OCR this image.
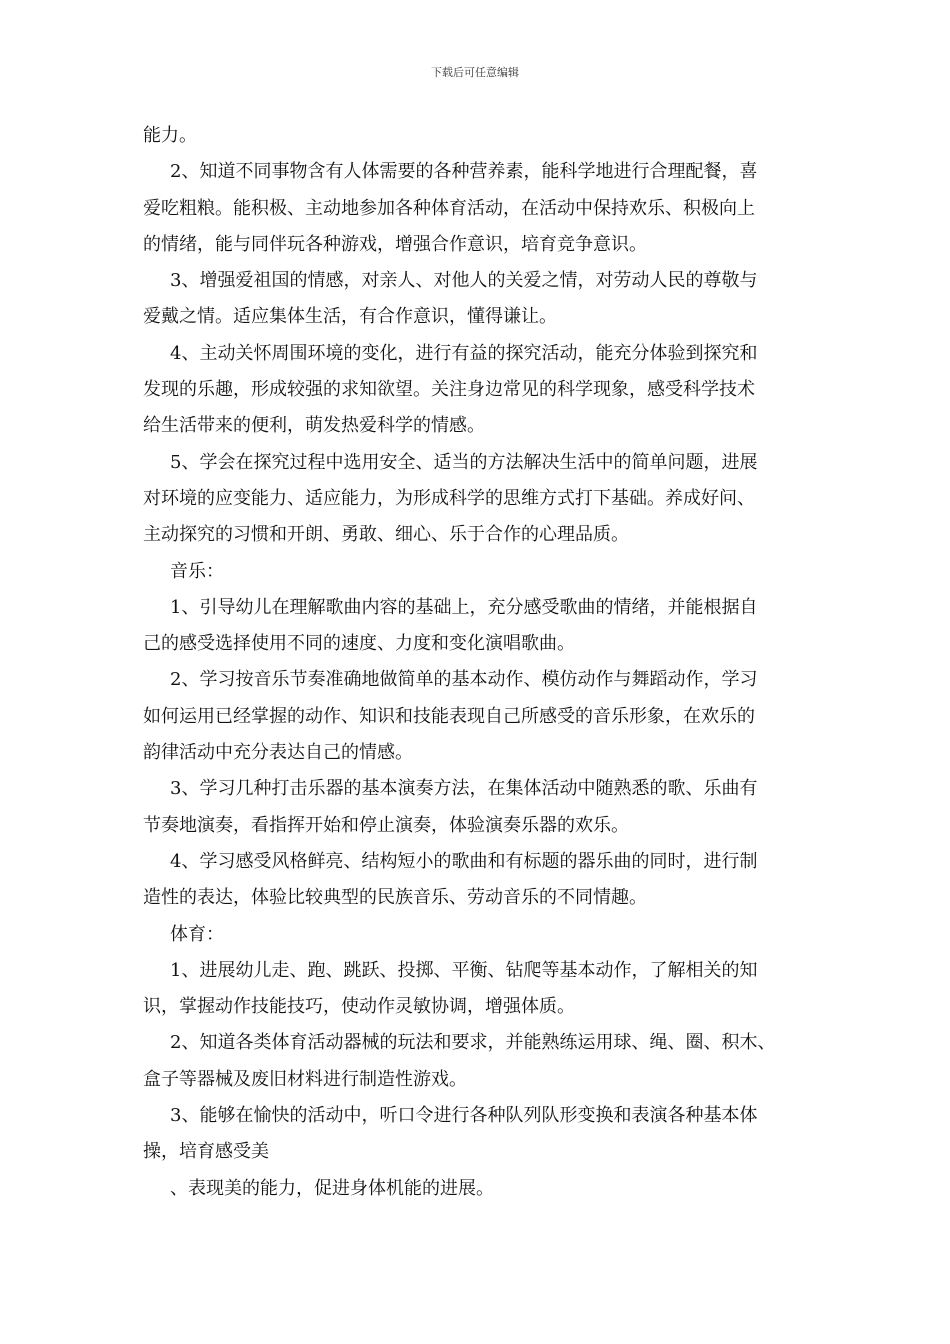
下载后可任意编辑
能力。
2、知道不同事物含有人体需要的各种营养素，能科学地进行合理配餐，喜
爱吃粗粮。能积极、主动地参加各种体育活动，在活动中保持欢乐、积极向上
的情绪，能与同伴玩各种游戏，增强合作意识，培育竞争意识。
3、增强爱祖国的情感，对亲人、对他人的关爱之情，对劳动人民的尊敬与
爱戴之情。适应集体生活，有合作意识，懂得谦让。
4、主动关怀周围环境的变化，进行有益的探究活动，能充分体验到探究和
发现的乐趣，形成较强的求知欲望。关注身边常见的科学现象，感受科学技术
给生活带来的便利，萌发热爱科学的情感。
5、学会在探究过程中选用安全、适当的方法解决生活中的简单问题，进展
对环境的应变能力、适应能力，为形成科学的思维方式打下基础。养成好问、
主动探究的习惯和开朗、勇敢、细心、乐于合作的心理品质。
音乐：
1、引导幼儿在理解歌曲内容的基础上，充分感受歌曲的情绪，并能根据自
己的感受选择使用不同的速度、力度和变化演唱歌曲。
2、学习按音乐节奏准确地做简单的基本动作、模仿动作与舞蹈动作，学习
如何运用已经掌握的动作、知识和技能表现自己所感受的音乐形象，在欢乐的
韵律活动中充分表达自己的情感。
3、学习几种打击乐器的基本演奏方法，在集体活动中随熟悉的歌、乐曲有
节奏地演奏，看指挥开始和停止演奏，体验演奏乐器的欢乐。
4、学习感受风格鲜亮、结构短小的歌曲和有标题的器乐曲的同时，进行制
造性的表达，体验比较典型的民族音乐、劳动音乐的不同情趣。
体育：
1、进展幼儿走、跑、跳跃、投掷、平衡、钻爬等基本动作，了解相关的知
识，掌握动作技能技巧，使动作灵敏协调，增强体质。
2、知道各类体育活动器械的玩法和要求，并能熟练运用球、绳、圈、积木、
盒子等器械及废旧材料进行制造性游戏。
3、能够在愉快的活动中，听口令进行各种队列队形变换和表演各种基本体
操，培育感受美
、表现美的能力，促进身体机能的进展。
